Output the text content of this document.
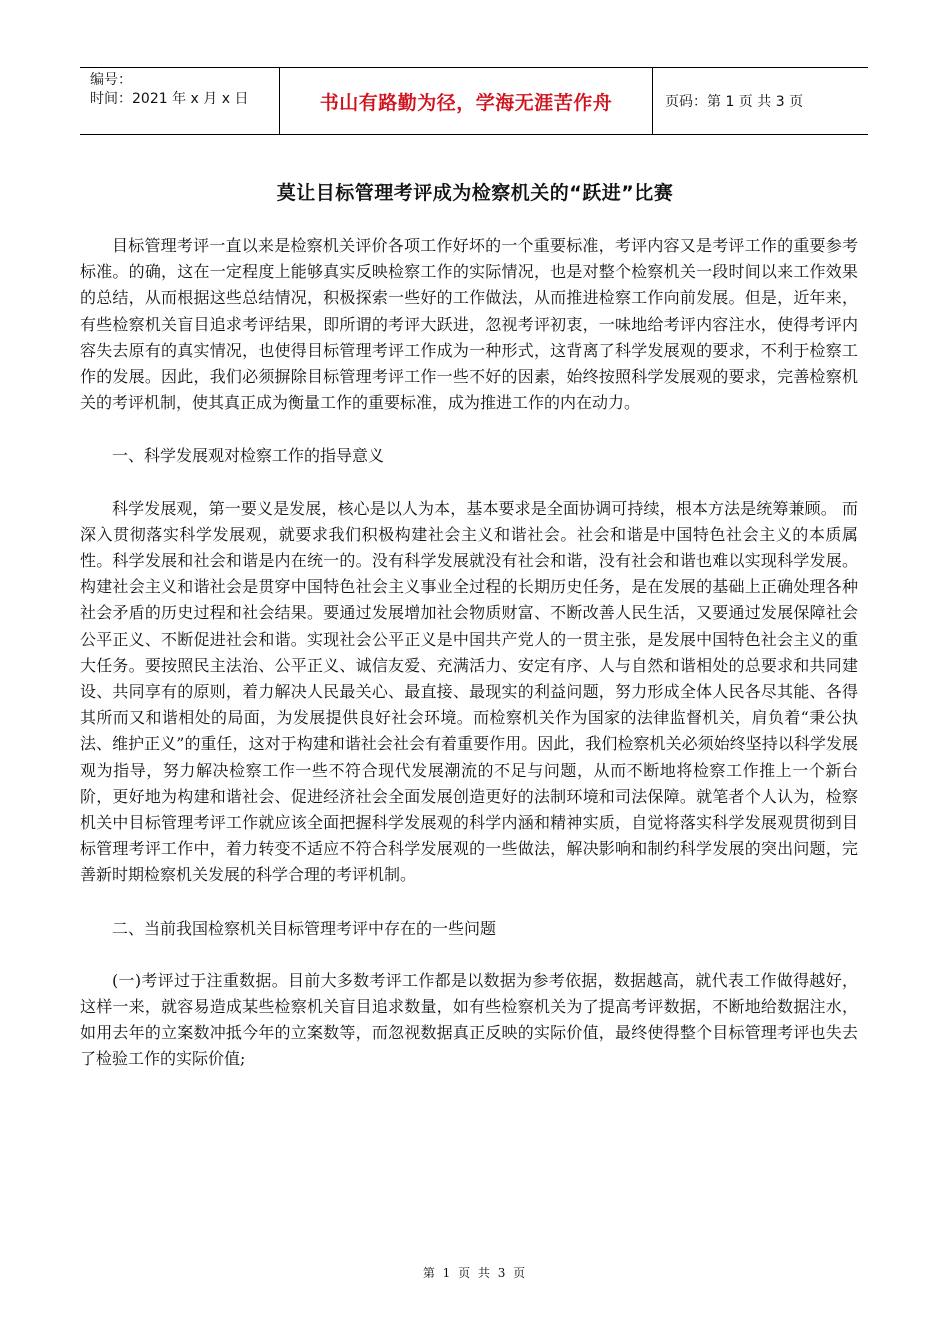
编号：
时间：2021 年 x 月 x 日	书山有路勤为径，学海无涯苦作舟	页码：第 1 页 共 3 页
莫让目标管理考评成为检察机关的“跃进”比赛

目标管理考评一直以来是检察机关评价各项工作好坏的一个重要标准，考评内容又是考评工作的重要参考标准。的确，这在一定程度上能够真实反映检察工作的实际情况，也是对整个检察机关一段时间以来工作效果的总结，从而根据这些总结情况，积极探索一些好的工作做法，从而推进检察工作向前发展。但是，近年来，有些检察机关盲目追求考评结果，即所谓的考评大跃进，忽视考评初衷，一味地给考评内容注水，使得考评内容失去原有的真实情况，也使得目标管理考评工作成为一种形式，这背离了科学发展观的要求，不利于检察工作的发展。因此，我们必须摒除目标管理考评工作一些不好的因素，始终按照科学发展观的要求，完善检察机关的考评机制，使其真正成为衡量工作的重要标准，成为推进工作的内在动力。

一、科学发展观对检察工作的指导意义

科学发展观，第一要义是发展，核心是以人为本，基本要求是全面协调可持续，根本方法是统筹兼顾。 而深入贯彻落实科学发展观，就要求我们积极构建社会主义和谐社会。社会和谐是中国特色社会主义的本质属性。科学发展和社会和谐是内在统一的。没有科学发展就没有社会和谐，没有社会和谐也难以实现科学发展。构建社会主义和谐社会是贯穿中国特色社会主义事业全过程的长期历史任务，是在发展的基础上正确处理各种社会矛盾的历史过程和社会结果。要通过发展增加社会物质财富、不断改善人民生活，又要通过发展保障社会公平正义、不断促进社会和谐。实现社会公平正义是中国共产党人的一贯主张，是发展中国特色社会主义的重大任务。要按照民主法治、公平正义、诚信友爱、充满活力、安定有序、人与自然和谐相处的总要求和共同建设、共同享有的原则，着力解决人民最关心、最直接、最现实的利益问题，努力形成全体人民各尽其能、各得其所而又和谐相处的局面，为发展提供良好社会环境。而检察机关作为国家的法律监督机关，肩负着“秉公执法、维护正义”的重任，这对于构建和谐社会社会有着重要作用。因此，我们检察机关必须始终坚持以科学发展观为指导，努力解决检察工作一些不符合现代发展潮流的不足与问题，从而不断地将检察工作推上一个新台阶，更好地为构建和谐社会、促进经济社会全面发展创造更好的法制环境和司法保障。就笔者个人认为，检察机关中目标管理考评工作就应该全面把握科学发展观的科学内涵和精神实质，自觉将落实科学发展观贯彻到目标管理考评工作中，着力转变不适应不符合科学发展观的一些做法，解决影响和制约科学发展的突出问题，完善新时期检察机关发展的科学合理的考评机制。

二、当前我国检察机关目标管理考评中存在的一些问题

(一)考评过于注重数据。目前大多数考评工作都是以数据为参考依据，数据越高，就代表工作做得越好，这样一来，就容易造成某些检察机关盲目追求数量，如有些检察机关为了提高考评数据，不断地给数据注水，如用去年的立案数冲抵今年的立案数等，而忽视数据真正反映的实际价值，最终使得整个目标管理考评也失去了检验工作的实际价值;

第 1 页 共 3 页
